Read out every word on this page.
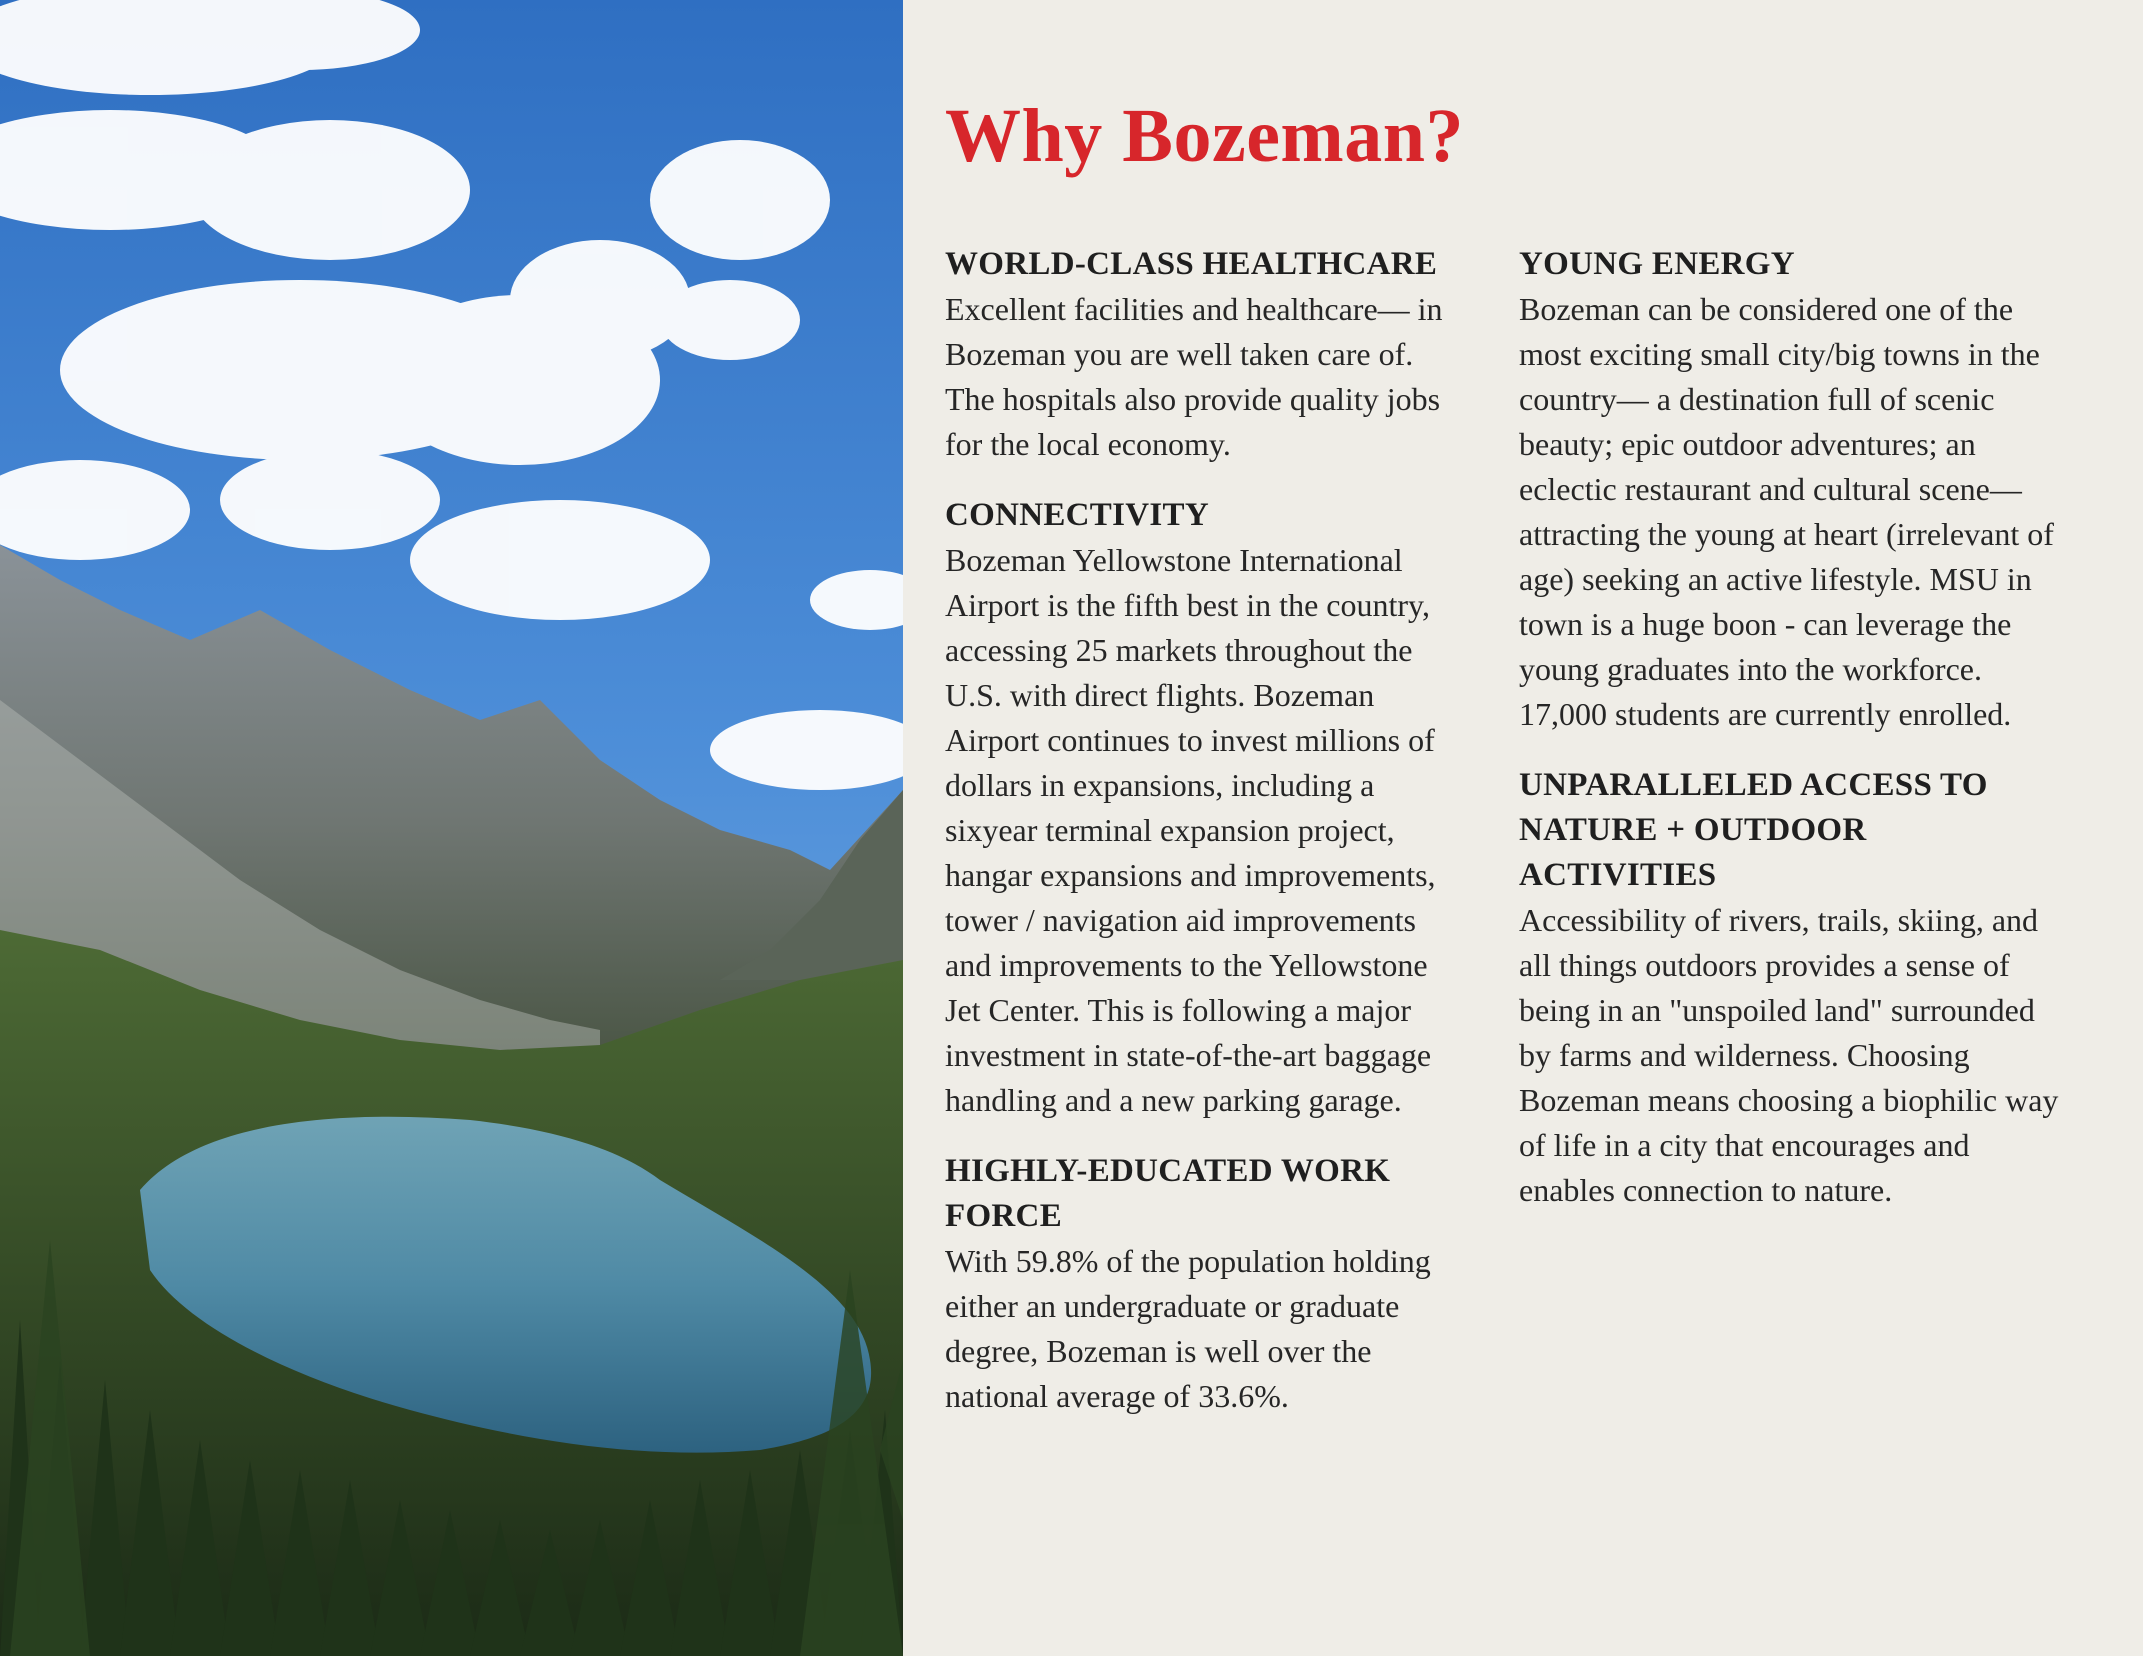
Why Bozeman?
WORLD-CLASS HEALTHCARE

Excellent facilities and healthcare— in Bozeman you are well taken care of. The hospitals also provide quality jobs for the local economy.

CONNECTIVITY

Bozeman Yellowstone International Airport is the fifth best in the country, accessing 25 markets throughout the U.S. with direct flights. Bozeman Airport continues to invest millions of dollars in expansions, including a sixyear terminal expansion project, hangar expansions and improvements, tower / navigation aid improvements and improvements to the Yellowstone Jet Center. This is following a major investment in state-of-the-art baggage handling and a new parking garage.

HIGHLY-EDUCATED WORK FORCE

With 59.8% of the population holding either an undergraduate or graduate degree, Bozeman is well over the national average of 33.6%.

YOUNG ENERGY

Bozeman can be considered one of the most exciting small city/big towns in the country— a destination full of scenic beauty; epic outdoor adventures; an eclectic restaurant and cultural scene— attracting the young at heart (irrelevant of age) seeking an active lifestyle. MSU in town is a huge boon - can leverage the young graduates into the workforce. 17,000 students are currently enrolled.

UNPARALLELED ACCESS TO NATURE + OUTDOOR ACTIVITIES

Accessibility of rivers, trails, skiing, and all things outdoors provides a sense of being in an "unspoiled land" surrounded by farms and wilderness. Choosing Bozeman means choosing a biophilic way of life in a city that encourages and enables connection to nature.
